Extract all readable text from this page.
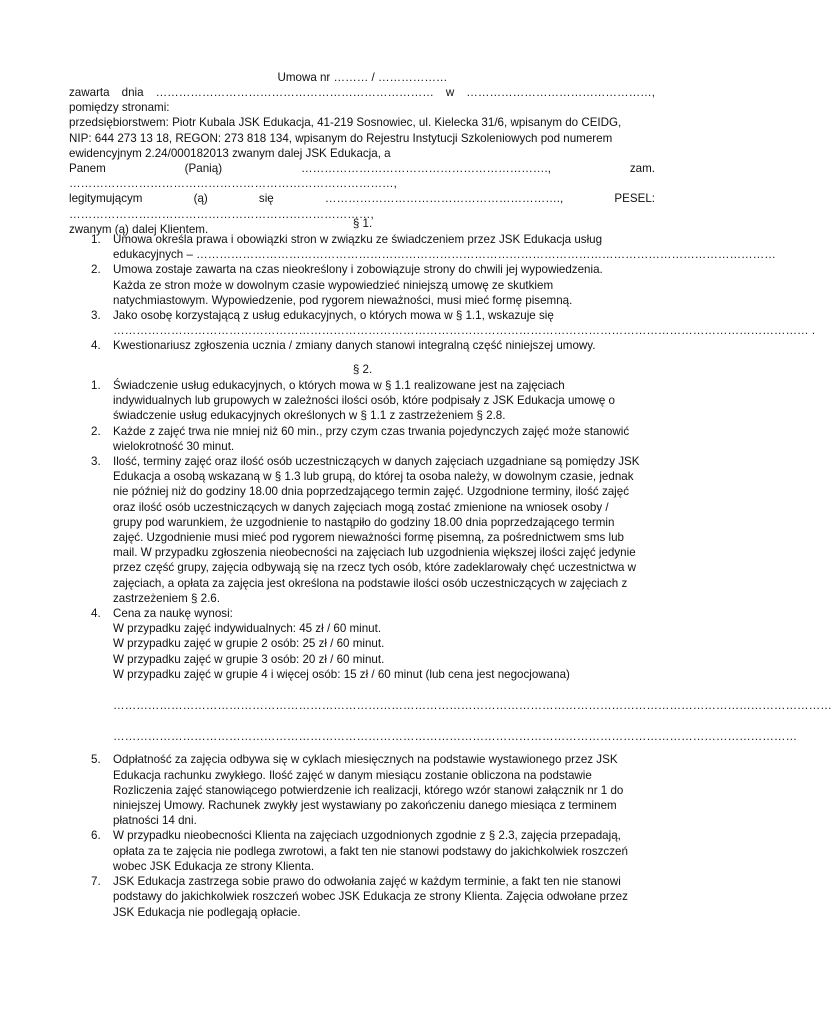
Umowa nr ……… / ………………

zawarta dnia ……………………………………………………………… w …………………………………………, pomiędzy stronami:

przedsiębiorstwem: Piotr Kubala JSK Edukacja, 41-219 Sosnowiec, ul. Kielecka 31/6, wpisanym do CEIDG,

NIP: 644 273 13 18, REGON: 273 818 134, wpisanym do Rejestru Instytucji Szkoleniowych pod numerem

ewidencyjnym 2.24/000182013 zwanym dalej JSK Edukacja, a

Panem (Panią) ………………………………………………………., zam. …………………………………………………………………………,

legitymującym (ą) się ……………………………………………………., PESEL: ……………………………………………………………………,

zwanym (ą) dalej Klientem.	§ 1.
1. Umowa określa prawa i obowiązki stron w związku ze świadczeniem przez JSK Edukacja usług

edukacyjnych – ……………………………………………………………………………………………………………………………………

2. Umowa zostaje zawarta na czas nieokreślony i zobowiązuje strony do chwili jej wypowiedzenia.

Każda ze stron może w dowolnym czasie wypowiedzieć niniejszą umowę ze skutkiem

natychmiastowym. Wypowiedzenie, pod rygorem nieważności, musi mieć formę pisemną.

3. Jako osobę korzystającą z usług edukacyjnych, o których mowa w § 1.1, wskazuje się

……………………………………………………………………………………………………………………………………………………………… .

4. Kwestionariusz zgłoszenia ucznia / zmiany danych stanowi integralną część niniejszej umowy.

§ 2.
1. Świadczenie usług edukacyjnych, o których mowa w § 1.1 realizowane jest na zajęciach

indywidualnych lub grupowych w zależności ilości osób, które podpisały z JSK Edukacja umowę o

świadczenie usług edukacyjnych określonych w § 1.1 z zastrzeżeniem § 2.8.

2. Każde z zajęć trwa nie mniej niż 60 min., przy czym czas trwania pojedynczych zajęć może stanowić

wielokrotność 30 minut.

3. Ilość, terminy zajęć oraz ilość osób uczestniczących w danych zajęciach uzgadniane są pomiędzy JSK

Edukacja a osobą wskazaną w § 1.3 lub grupą, do której ta osoba należy, w dowolnym czasie, jednak

nie później niż do godziny 18.00 dnia poprzedzającego termin zajęć. Uzgodnione terminy, ilość zajęć

oraz ilość osób uczestniczących w danych zajęciach mogą zostać zmienione na wniosek osoby /

grupy pod warunkiem, że uzgodnienie to nastąpiło do godziny 18.00 dnia poprzedzającego termin

zajęć. Uzgodnienie musi mieć pod rygorem nieważności formę pisemną, za pośrednictwem sms lub

mail. W przypadku zgłoszenia nieobecności na zajęciach lub uzgodnienia większej ilości zajęć jedynie

przez część grupy, zajęcia odbywają się na rzecz tych osób, które zadeklarowały chęć uczestnictwa w

zajęciach, a opłata za zajęcia jest określona na podstawie ilości osób uczestniczących w zajęciach z

zastrzeżeniem § 2.6.

4. Cena za naukę wynosi:

W przypadku zajęć indywidualnych: 45 zł / 60 minut.

W przypadku zajęć w grupie 2 osób: 25 zł / 60 minut.

W przypadku zajęć w grupie 3 osób: 20 zł / 60 minut.

W przypadku zajęć w grupie 4 i więcej osób: 15 zł / 60 minut (lub cena jest negocjowana)

……………………………………………………………………………………………………………………………………………………………………

……………………………………………………………………………………………………………………………………………………………

5. Odpłatność za zajęcia odbywa się w cyklach miesięcznych na podstawie wystawionego przez JSK

Edukacja rachunku zwykłego. Ilość zajęć w danym miesiącu zostanie obliczona na podstawie

Rozliczenia zajęć stanowiącego potwierdzenie ich realizacji, którego wzór stanowi załącznik nr 1 do

niniejszej Umowy. Rachunek zwykły jest wystawiany po zakończeniu danego miesiąca z terminem

płatności 14 dni.

6. W przypadku nieobecności Klienta na zajęciach uzgodnionych zgodnie z § 2.3, zajęcia przepadają,

opłata za te zajęcia nie podlega zwrotowi, a fakt ten nie stanowi podstawy do jakichkolwiek roszczeń

wobec JSK Edukacja ze strony Klienta.

7. JSK Edukacja zastrzega sobie prawo do odwołania zajęć w każdym terminie, a fakt ten nie stanowi

podstawy do jakichkolwiek roszczeń wobec JSK Edukacja ze strony Klienta. Zajęcia odwołane przez

JSK Edukacja nie podlegają opłacie.
